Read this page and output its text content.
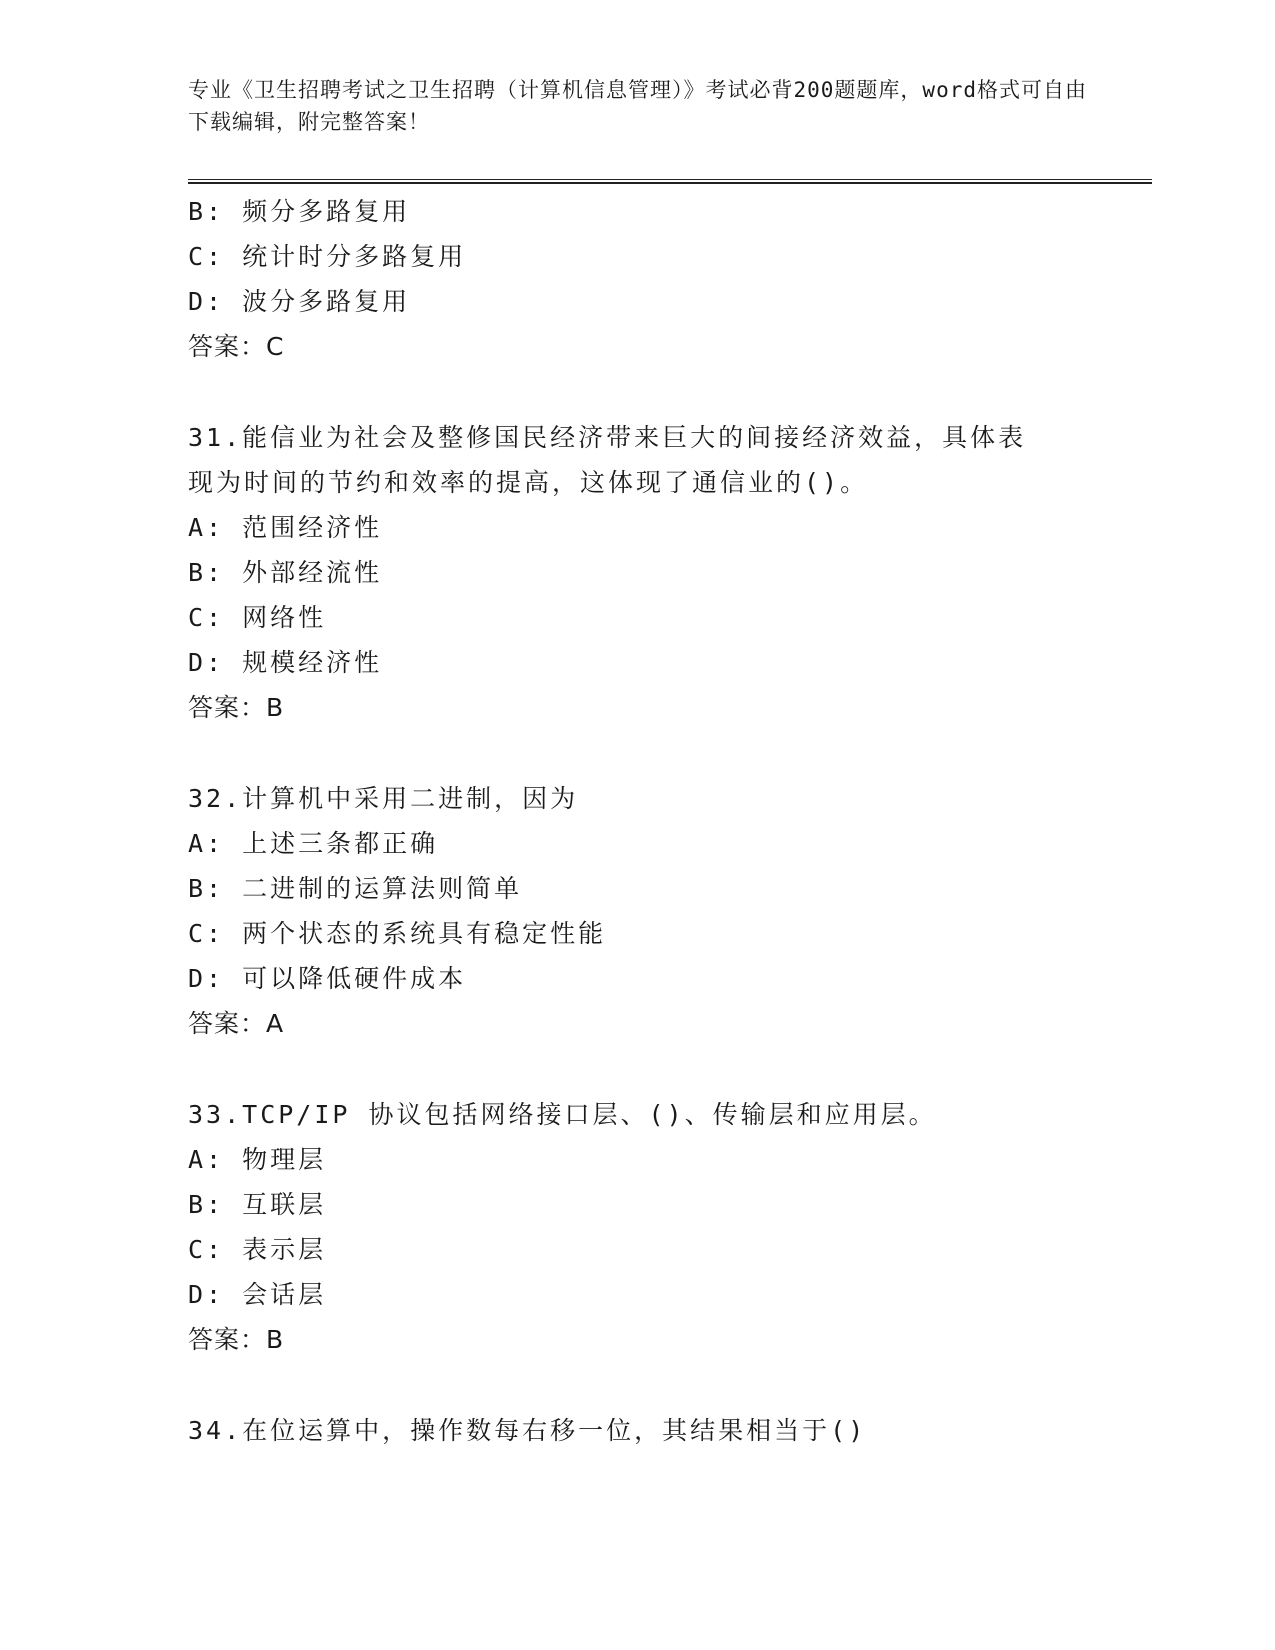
专业《卫生招聘考试之卫生招聘（计算机信息管理）》考试必背200题题库，word格式可自由下载编辑，附完整答案！
B: 频分多路复用
C: 统计时分多路复用
D: 波分多路复用
答案：C
31.能信业为社会及整修国民经济带来巨大的间接经济效益，具体表现为时间的节约和效率的提高，这体现了通信业的()。
A: 范围经济性
B: 外部经流性
C: 网络性
D: 规模经济性
答案：B
32.计算机中采用二进制，因为
A: 上述三条都正确
B: 二进制的运算法则简单
C: 两个状态的系统具有稳定性能
D: 可以降低硬件成本
答案：A
33.TCP/IP 协议包括网络接口层、()、传输层和应用层。
A: 物理层
B: 互联层
C: 表示层
D: 会话层
答案：B
34.在位运算中，操作数每右移一位，其结果相当于()
